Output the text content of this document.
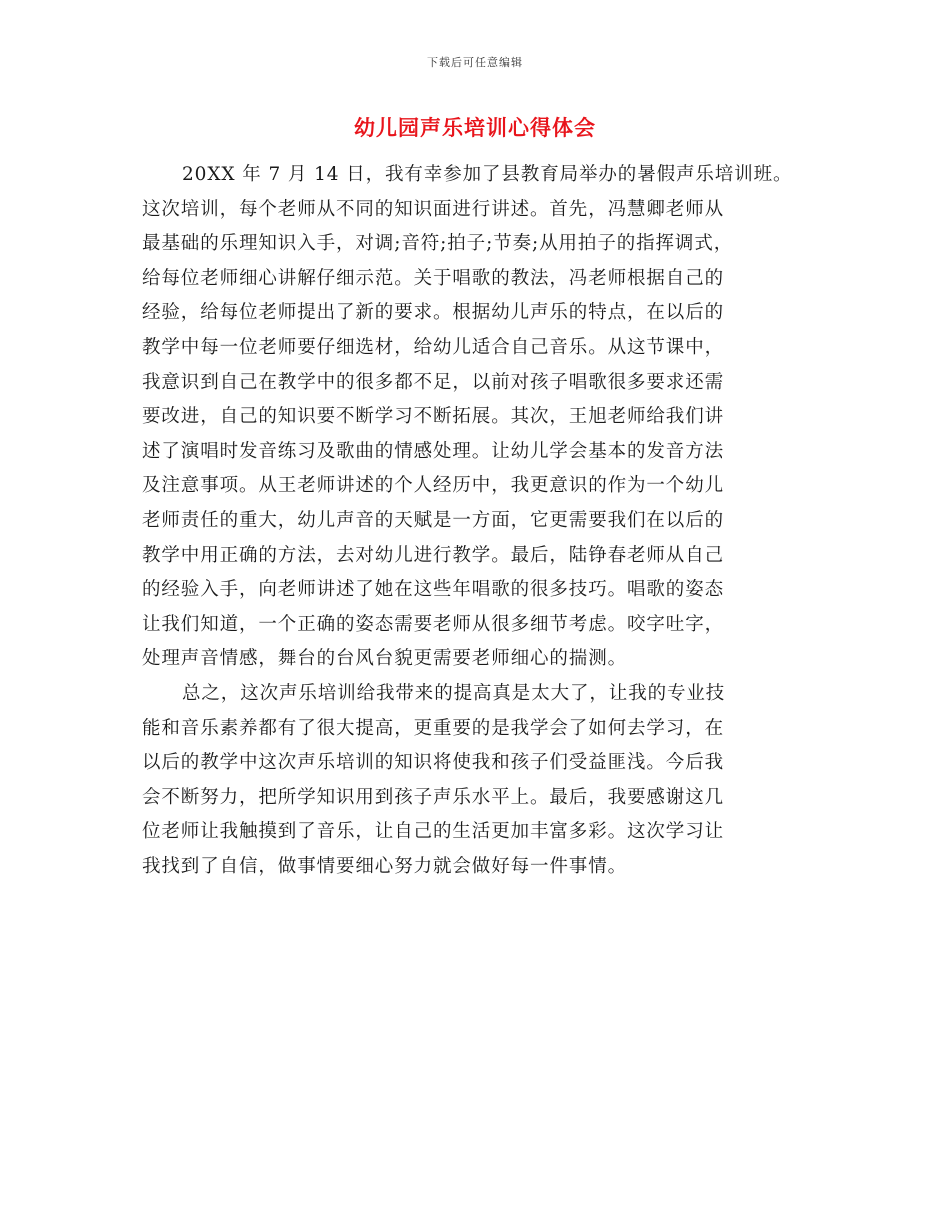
下载后可任意编辑
幼儿园声乐培训心得体会
20XX 年 7 月 14 日，我有幸参加了县教育局举办的暑假声乐培训班。
这次培训，每个老师从不同的知识面进行讲述。首先，冯慧卿老师从
最基础的乐理知识入手，对调;音符;拍子;节奏;从用拍子的指挥调式，
给每位老师细心讲解仔细示范。关于唱歌的教法，冯老师根据自己的
经验，给每位老师提出了新的要求。根据幼儿声乐的特点，在以后的
教学中每一位老师要仔细选材，给幼儿适合自己音乐。从这节课中，
我意识到自己在教学中的很多都不足，以前对孩子唱歌很多要求还需
要改进，自己的知识要不断学习不断拓展。其次，王旭老师给我们讲
述了演唱时发音练习及歌曲的情感处理。让幼儿学会基本的发音方法
及注意事项。从王老师讲述的个人经历中，我更意识的作为一个幼儿
老师责任的重大，幼儿声音的天赋是一方面，它更需要我们在以后的
教学中用正确的方法，去对幼儿进行教学。最后，陆铮春老师从自己
的经验入手，向老师讲述了她在这些年唱歌的很多技巧。唱歌的姿态
让我们知道，一个正确的姿态需要老师从很多细节考虑。咬字吐字，
处理声音情感，舞台的台风台貌更需要老师细心的揣测。
总之，这次声乐培训给我带来的提高真是太大了，让我的专业技
能和音乐素养都有了很大提高，更重要的是我学会了如何去学习，在
以后的教学中这次声乐培训的知识将使我和孩子们受益匪浅。今后我
会不断努力，把所学知识用到孩子声乐水平上。最后，我要感谢这几
位老师让我触摸到了音乐，让自己的生活更加丰富多彩。这次学习让
我找到了自信，做事情要细心努力就会做好每一件事情。
